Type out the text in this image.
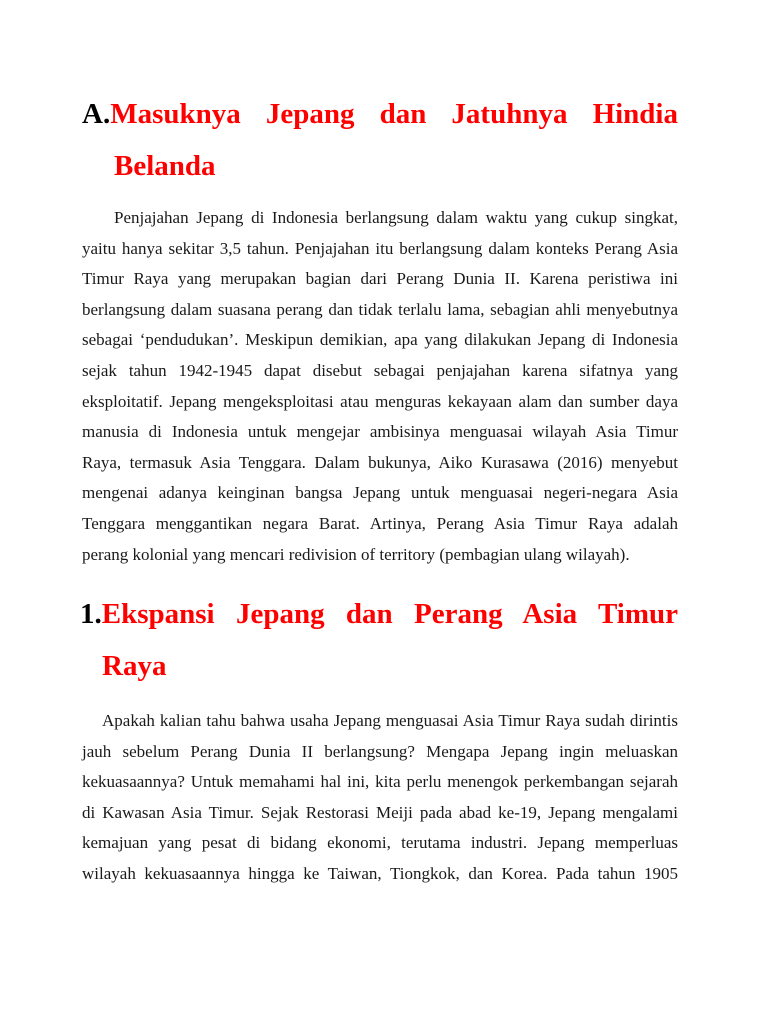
A.Masuknya Jepang dan Jatuhnya Hindia
Belanda
Penjajahan Jepang di Indonesia berlangsung dalam waktu yang cukup singkat,
yaitu hanya sekitar 3,5 tahun. Penjajahan itu berlangsung dalam konteks Perang Asia
Timur Raya yang merupakan bagian dari Perang Dunia II. Karena peristiwa ini
berlangsung dalam suasana perang dan tidak terlalu lama, sebagian ahli menyebutnya
sebagai ‘pendudukan’. Meskipun demikian, apa yang dilakukan Jepang di Indonesia
sejak tahun 1942-1945 dapat disebut sebagai penjajahan karena sifatnya yang
eksploitatif. Jepang mengeksploitasi atau menguras kekayaan alam dan sumber daya
manusia di Indonesia untuk mengejar ambisinya menguasai wilayah Asia Timur
Raya, termasuk Asia Tenggara. Dalam bukunya, Aiko Kurasawa (2016) menyebut
mengenai adanya keinginan bangsa Jepang untuk menguasai negeri-negara Asia
Tenggara menggantikan negara Barat. Artinya, Perang Asia Timur Raya adalah
perang kolonial yang mencari redivision of territory (pembagian ulang wilayah).
1.Ekspansi Jepang dan Perang Asia Timur
Raya
Apakah kalian tahu bahwa usaha Jepang menguasai Asia Timur Raya sudah dirintis
jauh sebelum Perang Dunia II berlangsung? Mengapa Jepang ingin meluaskan
kekuasaannya? Untuk memahami hal ini, kita perlu menengok perkembangan sejarah
di Kawasan Asia Timur. Sejak Restorasi Meiji pada abad ke-19, Jepang mengalami
kemajuan yang pesat di bidang ekonomi, terutama industri. Jepang memperluas
wilayah kekuasaannya hingga ke Taiwan, Tiongkok, dan Korea. Pada tahun 1905
